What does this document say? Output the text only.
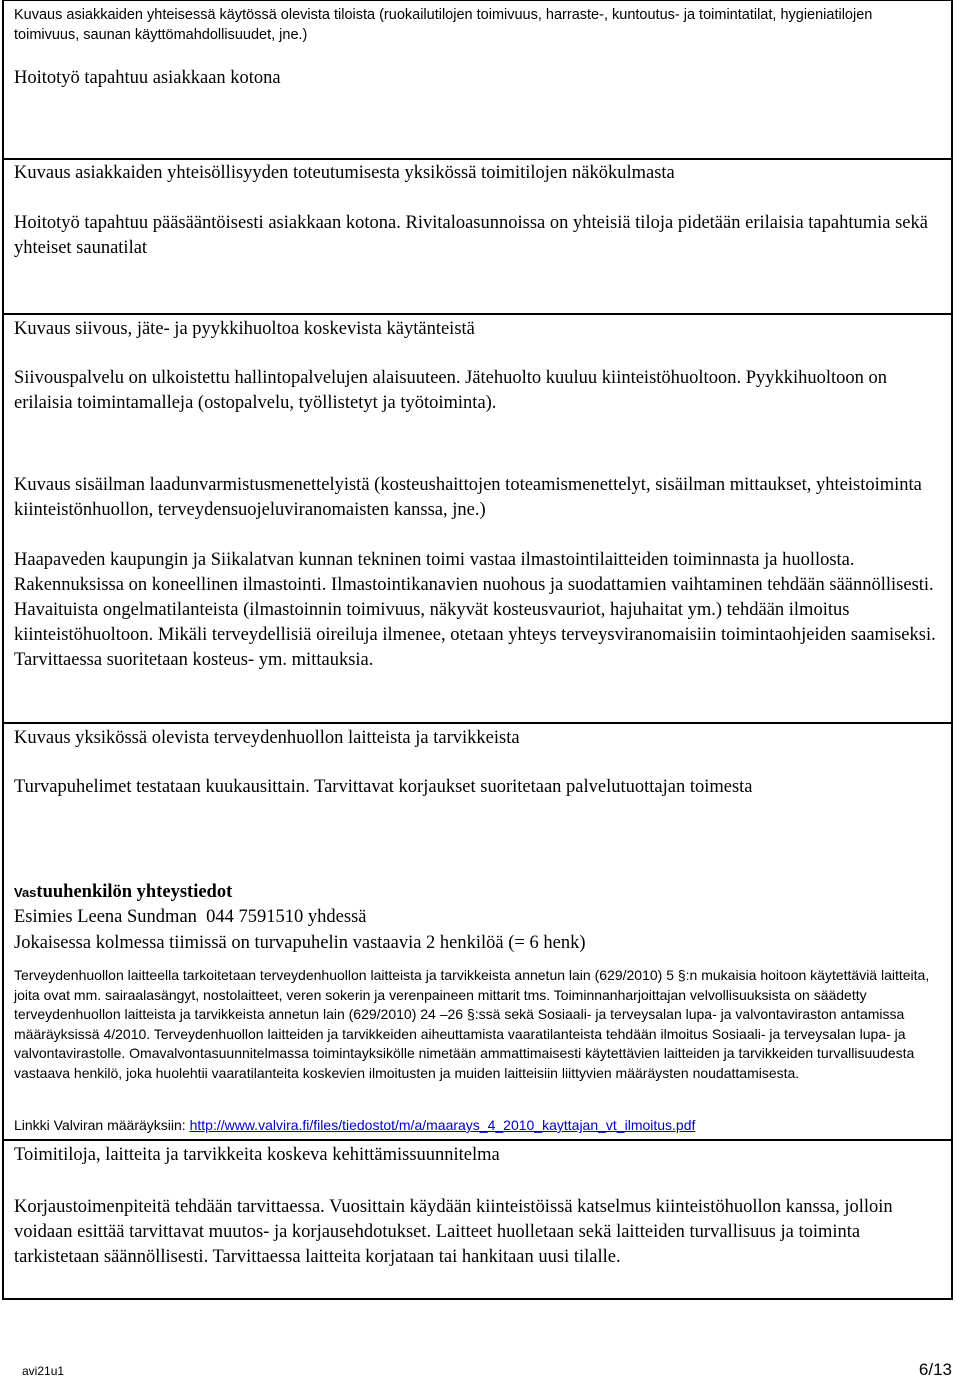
Kuvaus asiakkaiden yhteisessä käytössä olevista tiloista (ruokailutilojen toimivuus, harraste-, kuntoutus- ja toimintatilat, hygieniatilojen toimivuus, saunan käyttömahdollisuudet, jne.)

Hoitotyö tapahtuu asiakkaan kotona

Kuvaus asiakkaiden yhteisöllisyyden toteutumisesta yksikössä toimitilojen näkökulmasta

Hoitotyö tapahtuu pääsääntöisesti asiakkaan kotona. Rivitaloasunnoissa on yhteisiä tiloja pidetään erilaisia tapahtumia sekä yhteiset saunatilat

Kuvaus siivous, jäte- ja pyykkihuoltoa koskevista käytänteistä

Siivouspalvelu on ulkoistettu hallintopalvelujen alaisuuteen. Jätehuolto kuuluu kiinteistöhuoltoon. Pyykkihuoltoon on erilaisia toimintamalleja (ostopalvelu, työllistetyt ja työtoiminta).

Kuvaus sisäilman laadunvarmistusmenettelyistä (kosteushaittojen toteamismenettelyt, sisäilman mittaukset, yhteistoiminta kiinteistönhuollon, terveydensuojeluviranomaisten kanssa, jne.)

Haapaveden kaupungin ja Siikalatvan kunnan tekninen toimi vastaa ilmastointilaitteiden toiminnasta ja huollosta. Rakennuksissa on koneellinen ilmastointi. Ilmastointikanavien nuohous ja suodattamien vaihtaminen tehdään säännöllisesti. Havaituista ongelmatilanteista (ilmastoinnin toimivuus, näkyvät kosteusvauriot, hajuhaitat ym.) tehdään ilmoitus kiinteistöhuoltoon. Mikäli terveydellisiä oireiluja ilmenee, otetaan yhteys terveysviranomaisiin toimintaohjeiden saamiseksi. Tarvittaessa suoritetaan kosteus- ym. mittauksia.

Kuvaus yksikössä olevista terveydenhuollon laitteista ja tarvikkeista

Turvapuhelimet testataan kuukausittain. Tarvittavat korjaukset suoritetaan palvelutuottajan toimesta

Vastuuhenkilön yhteystiedot

Esimies Leena Sundman  044 7591510 yhdessä

Jokaisessa kolmessa tiimissä on turvapuhelin vastaavia 2 henkilöä (= 6 henk)

Terveydenhuollon laitteella tarkoitetaan terveydenhuollon laitteista ja tarvikkeista annetun lain (629/2010) 5 §:n mukaisia hoitoon käytettäviä laitteita, joita ovat mm. sairaalasängyt, nostolaitteet, veren sokerin ja verenpaineen mittarit tms. Toiminnanharjoittajan velvollisuuksista on säädetty terveydenhuollon laitteista ja tarvikkeista annetun lain (629/2010) 24 –26 §:ssä sekä Sosiaali- ja terveysalan lupa- ja valvontaviraston antamissa määräyksissä 4/2010. Terveydenhuollon laitteiden ja tarvikkeiden aiheuttamista vaaratilanteista tehdään ilmoitus Sosiaali- ja terveysalan lupa- ja valvontavirastolle. Omavalvontasuunnitelmassa toimintayksikölle nimetään ammattimaisesti käytettävien laitteiden ja tarvikkeiden turvallisuudesta vastaava henkilö, joka huolehtii vaaratilanteita koskevien ilmoitusten ja muiden laitteisiin liittyvien määräysten noudattamisesta.

Linkki Valviran määräyksiin: http://www.valvira.fi/files/tiedostot/m/a/maarays_4_2010_kayttajan_vt_ilmoitus.pdf

Toimitiloja, laitteita ja tarvikkeita koskeva kehittämissuunnitelma

Korjaustoimenpiteitä tehdään tarvittaessa. Vuosittain käydään kiinteistöissä katselmus kiinteistöhuollon kanssa, jolloin voidaan esittää tarvittavat muutos- ja korjausehdotukset. Laitteet huolletaan sekä laitteiden turvallisuus ja toiminta tarkistetaan säännöllisesti. Tarvittaessa laitteita korjataan tai hankitaan uusi tilalle.

avi21u1	6/13
